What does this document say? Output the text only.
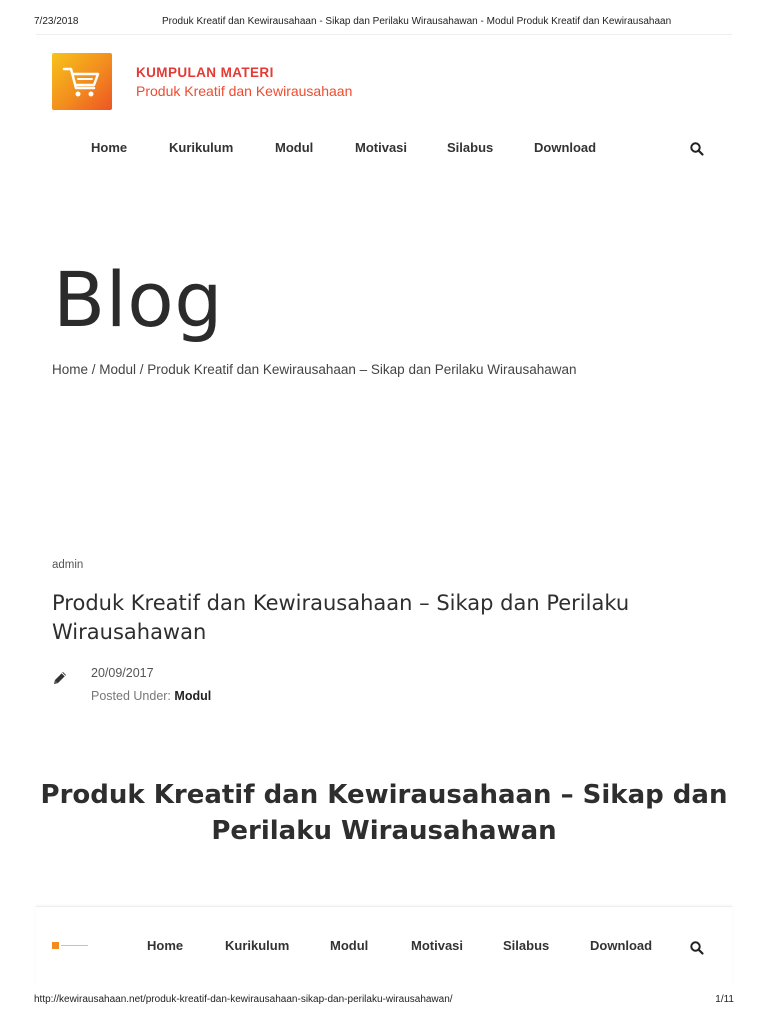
7/23/2018	Produk Kreatif dan Kewirausahaan - Sikap dan Perilaku Wirausahawan - Modul Produk Kreatif dan Kewirausahaan
KUMPULAN MATERI
Produk Kreatif dan Kewirausahaan
Home	Kurikulum	Modul	Motivasi	Silabus	Download
Blog
Home / Modul / Produk Kreatif dan Kewirausahaan – Sikap dan Perilaku Wirausahawan
admin
Produk Kreatif dan Kewirausahaan – Sikap dan Perilaku Wirausahawan
20/09/2017
Posted Under: Modul
Produk Kreatif dan Kewirausahaan – Sikap dan Perilaku Wirausahawan
Home	Kurikulum	Modul	Motivasi	Silabus	Download
http://kewirausahaan.net/produk-kreatif-dan-kewirausahaan-sikap-dan-perilaku-wirausahawan/	1/11
